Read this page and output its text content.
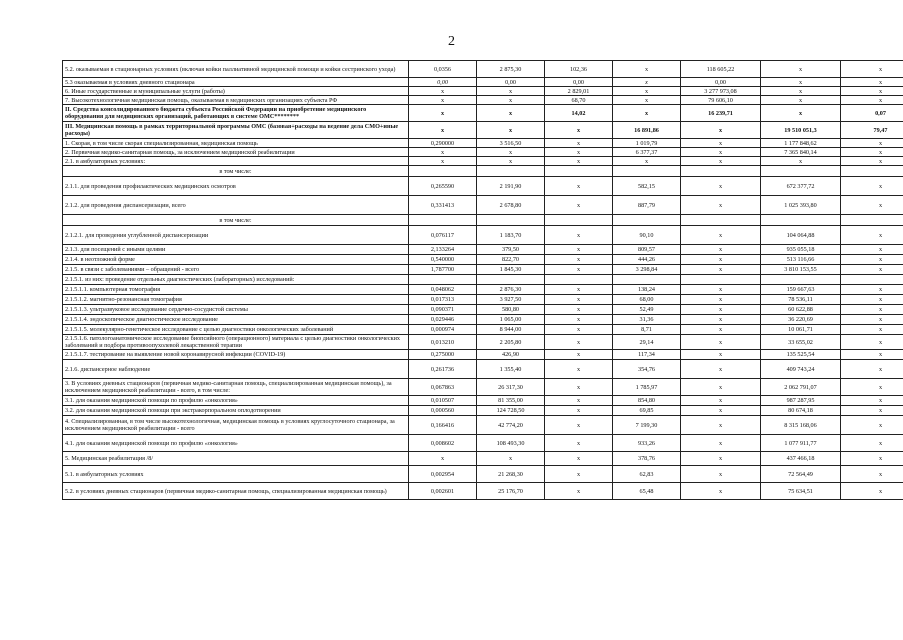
2
5.2. оказываемая в стационарных условиях (включая койки паллиативной медицинской помощи и койки сестринского ухода)	0,0356	2 875,30	102,36	х	118 605,22	х	х
5.3 оказываемая в условиях дневного стационара	0,00	0,00	0,00	х	0,00	х	х
6. Иные государственные и муниципальные услуги (работы)	х	х	2 829,01	х	3 277 973,08	х	х
7. Высокотехнологичная медицинская помощь, оказываемая в медицинских организациях субъекта РФ	х	х	68,70	х	79 606,10	х	х
II. Средства консолидированного бюджета субъекта Российской Федерации на приобретение медицинского оборудования для медицинских организаций, работающих в системе ОМС********	х	х	14,02	х	16 239,71	х	0,07
III. Медицинская помощь в рамках территориальной программы ОМС (базовая+расходы на ведение дела СМО+иные расходы)	х	х	х	16 891,86	х	19 510 051,3	79,47
1. Скорая, в том числе скорая специализированная, медицинская помощь	0,290000	3 516,50	х	1 019,79	х	1 177 848,62	х
2. Первичная медико-санитарная помощь, за исключением медицинской реабилитации	х	х	х	6 377,37	х	7 365 840,14	х
2.1. в амбулаторных условиях:	х	х	х	х	х	х	х
в том числе:							
2.1.1. для проведения профилактических медицинских осмотров	0,265590	2 191,90	х	582,15	х	672 377,72	х
2.1.2. для проведения диспансеризации, всего	0,331413	2 678,80	х	887,79	х	1 025 393,80	х
в том числе:							
2.1.2.1. для проведения углубленной диспансеризации	0,076117	1 183,70	х	90,10	х	104 064,88	х
2.1.3. для посещений с иными целями	2,133264	379,50	х	809,57	х	935 055,18	х
2.1.4. в неотложной форме	0,540000	822,70	х	444,26	х	513 116,66	х
2.1.5. в связи с заболеваниями – обращений - всего	1,787700	1 845,30	х	3 298,84	х	3 810 153,55	х
2.1.5.1. из них: проведение отдельных диагностических (лабораторных) исследований:							
2.1.5.1.1. компьютерная томография	0,048062	2 876,30	х	138,24	х	159 667,63	х
2.1.5.1.2. магнитно-резонансная томография	0,017313	3 927,50	х	68,00	х	78 536,11	х
2.1.5.1.3. ультразвуковое исследование сердечно-сосудистой системы	0,090371	580,80	х	52,49	х	60 622,88	х
2.1.5.1.4. эндоскопическое диагностическое исследование	0,029446	1 065,00	х	31,36	х	36 220,69	х
2.1.5.1.5. молекулярно-генетическое исследование с целью диагностики онкологических заболеваний	0,000974	8 944,00	х	8,71	х	10 061,71	х
2.1.5.1.6. патологоанатомическое исследование биопсийного (операционного) материала с целью диагностики онкологических заболеваний и подбора противоопухолевой лекарственной терапии	0,013210	2 205,80	х	29,14	х	33 655,02	х
2.1.5.1.7. тестирование на выявление новой коронавирусной инфекции (COVID-19)	0,275000	426,90	х	117,34	х	135 525,54	х
2.1.6. диспансерное наблюдение	0,261736	1 355,40	х	354,76	х	409 743,24	х
3. В условиях дневных стационаров (первичная медико-санитарная помощь, специализированная медицинская помощь), за исключением медицинской реабилитации - всего, в том числе:	0,067863	26 317,30	х	1 785,97	х	2 062 791,07	х
3.1. для оказания медицинской помощи по профилю «онкология»	0,010507	81 355,00	х	854,80	х	987 287,95	х
3.2. для оказания медицинской помощи при экстракорпоральном оплодотворении	0,000560	124 728,50	х	69,85	х	80 674,18	х
4. Специализированная, в том числе высокотехнологичная, медицинская помощь в условиях круглосуточного стационара, за исключением медицинской реабилитации - всего	0,166416	42 774,20	х	7 199,30	х	8 315 168,06	х
4.1. для оказания медицинской помощи по профилю «онкология»	0,008602	108 493,30	х	933,26	х	1 077 911,77	х
5. Медицинская реабилитация /8/	х	х	х	378,76	х	437 466,18	х
5.1. в амбулаторных условиях	0,002954	21 268,30	х	62,83	х	72 564,49	х
5.2. в условиях дневных стационаров (первичная медико-санитарная помощь, специализированная медицинская помощь)	0,002601	25 176,70	х	65,48	х	75 634,51	х
